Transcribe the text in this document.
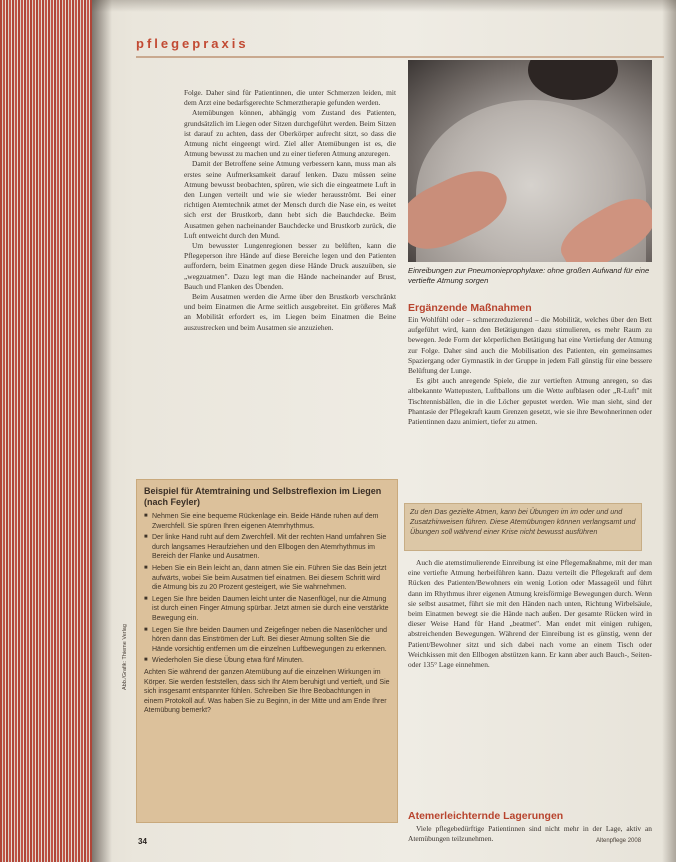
pflegepraxis

Folge. Daher sind für Patientinnen, die unter Schmerzen leiden, mit dem Arzt eine bedarfsgerechte Schmerztherapie gefunden werden.

Atemübungen können, abhängig vom Zustand des Patienten, grundsätzlich im Liegen oder Sitzen durchgeführt werden. Beim Sitzen ist darauf zu achten, dass der Oberkörper aufrecht sitzt, so dass die Atmung nicht eingeengt wird. Ziel aller Atemübungen ist es, die Atmung bewusst zu machen und zu einer tieferen Atmung anzuregen.

Damit der Betroffene seine Atmung verbessern kann, muss man als erstes seine Aufmerksamkeit darauf lenken. Dazu müssen seine Atmung bewusst beobachten, spüren, wie sich die eingeatmete Luft in den Lungen verteilt und wie sie wieder herausströmt. Bei einer richtigen Atemtechnik atmet der Mensch durch die Nase ein, es weitet sich erst der Brustkorb, dann hebt sich die Bauchdecke. Beim Ausatmen gehen nacheinander Bauchdecke und Brustkorb zurück, die Luft entweicht durch den Mund.

Um bewusster Lungenregionen besser zu belüften, kann die Pflegeperson ihre Hände auf diese Bereiche legen und den Patienten auffordern, beim Einatmen gegen diese Hände Druck auszuüben, sie „wegzuatmen". Dazu legt man die Hände nacheinander auf Brust, Bauch und Flanken des Übenden.

Beim Ausatmen werden die Arme über den Brustkorb verschränkt und beim Einatmen die Arme seitlich ausgebreitet. Ein größeres Maß an Mobilität erfordert es, im Liegen beim Einatmen die Beine auszustrecken und beim Ausatmen sie anzuziehen.

Einreibungen zur Pneumonieprophylaxe: ohne großen Aufwand für eine vertiefte Atmung sorgen
Ergänzende Maßnahmen

Ein Wohlfühl oder – schmerzreduzierend – die Mobilität, welches über den Bett aufgeführt wird, kann den Betätigungen dazu stimulieren, es mehr Raum zu bewegen. Jede Form der körperlichen Betätigung hat eine Vertiefung der Atmung zur Folge. Daher sind auch die Mobilisation des Patienten, ein gemeinsames Spaziergang oder Gymnastik in der Gruppe in jedem Fall günstig für eine bessere Belüftung der Lunge.

Es gibt auch anregende Spiele, die zur vertieften Atmung anregen, so das altbekannte Wattepusten, Luftballons um die Wette aufblasen oder „R-Luft" mit Tischtennisbällen, die in die Löcher gepustet werden. Wie man sieht, sind der Phantasie der Pflegekraft kaum Grenzen gesetzt, wie sie ihre Bewohnerinnen oder Patientinnen dazu animiert, tiefer zu atmen.

Zu den Das gezielte Atmen, kann bei Übungen im im oder und und Zusatzhinweisen führen. Diese Atemübungen können verlangsamt und Übungen soll während einer Krise nicht bewusst ausführen

Auch die atemstimulierende Einreibung ist eine Pflegemaßnahme, mit der man eine vertiefte Atmung herbeiführen kann. Dazu verteilt die Pflegekraft auf dem Rücken des Patienten/Bewohners ein wenig Lotion oder Massageöl und führt dann im Rhythmus ihrer eigenen Atmung kreisförmige Bewegungen durch. Wenn sie selbst ausatmet, führt sie mit den Händen nach unten, Richtung Wirbelsäule, beim Einatmen bewegt sie die Hände nach außen. Der gesamte Rücken wird in dieser Weise Hand für Hand „beatmet". Man endet mit einigen ruhigen, abstreichenden Bewegungen. Während der Einreibung ist es günstig, wenn der Patient/Bewohner sitzt und sich dabei nach vorne an einem Tisch oder Weichkissen mit den Ellbogen abstützen kann. Er kann aber auch Bauch-, Seiten- oder 135° Lage einnehmen.

Atemerleichternde Lagerungen

Viele pflegebedürftige Patientinnen sind nicht mehr in der Lage, aktiv an Atemübungen teilzunehmen.

Beispiel für Atemtraining und Selbstreflexion im Liegen (nach Feyler)
■ Nehmen Sie eine bequeme Rückenlage ein. Beide Hände ruhen auf dem Zwerchfell. Sie spüren Ihren eigenen Atemrhythmus.
■ Der linke Hand ruht auf dem Zwerchfell. Mit der rechten Hand umfahren Sie durch langsames Heraufziehen und den Ellbogen den Atemrhythmus im Bereich der Flanke und Ausatmen.
■ Heben Sie ein Bein leicht an, dann atmen Sie ein. Führen Sie das Bein jetzt aufwärts, wobei Sie beim Ausatmen tief einatmen. Bei diesem Schritt wird die Atmung bis zu 20 Prozent gesteigert, wie Sie wahrnehmen.
■ Legen Sie Ihre beiden Daumen leicht unter die Nasenflügel, nur die Atmung ist durch einen Finger Atmung spürbar. Jetzt atmen sie durch eine verstärkte Bewegung ein.
■ Legen Sie Ihre beiden Daumen und Zeigefinger neben die Nasenlöcher und hören dann das Einströmen der Luft. Bei dieser Atmung sollten Sie die Hände vorsichtig entfernen um die einzelnen Luftbewegungen zu erkennen.
■ Wiederholen Sie diese Übung etwa fünf Minuten.
Achten Sie während der ganzen Atemübung auf die einzelnen Wirkungen im Körper. Sie werden feststellen, dass sich Ihr Atem beruhigt und vertieft, und Sie sich insgesamt entspannter fühlen. Schreiben Sie Ihre Beobachtungen in einem Protokoll auf. Was haben Sie zu Beginn, in der Mitte und am Ende Ihrer Atemübung bemerkt?
Abb./Grafik: Thieme Verlag
34	Altenpflege 2008
